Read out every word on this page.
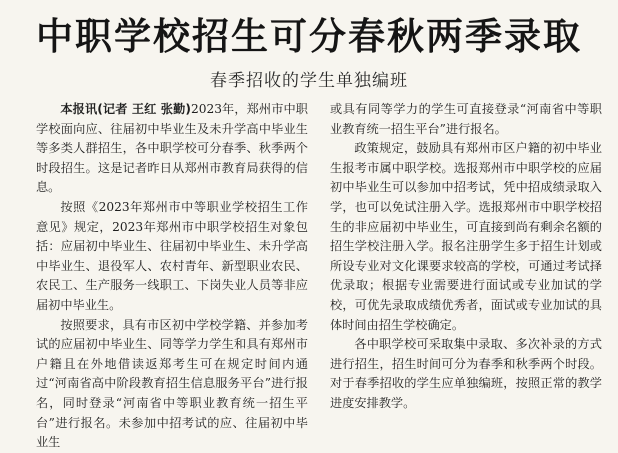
中职学校招生可分春秋两季录取
春季招收的学生单独编班

本报讯(记者 王红 张勤)2023年，郑州市中职学校面向应、往届初中毕业生及未升学高中毕业生等多类人群招生，各中职学校可分春季、秋季两个时段招生。这是记者昨日从郑州市教育局获得的信息。

按照《2023年郑州市中等职业学校招生工作意见》规定，2023年郑州市中职学校招生对象包括：应届初中毕业生、往届初中毕业生、未升学高中毕业生、退役军人、农村青年、新型职业农民、农民工、生产服务一线职工、下岗失业人员等非应届初中毕业生。

按照要求，具有市区初中学校学籍、并参加考试的应届初中毕业生、同等学力学生和具有郑州市户籍且在外地借读返郑考生可在规定时间内通过“河南省高中阶段教育招生信息服务平台”进行报名，同时登录“河南省中等职业教育统一招生平台”进行报名。未参加中招考试的应、往届初中毕业生

或具有同等学力的学生可直接登录“河南省中等职业教育统一招生平台”进行报名。

政策规定，鼓励具有郑州市区户籍的初中毕业生报考市属中职学校。选报郑州市中职学校的应届初中毕业生可以参加中招考试，凭中招成绩录取入学，也可以免试注册入学。选报郑州市中职学校招生的非应届初中毕业生，可直接到尚有剩余名额的招生学校注册入学。报名注册学生多于招生计划或所设专业对文化课要求较高的学校，可通过考试择优录取；根据专业需要进行面试或专业加试的学校，可优先录取成绩优秀者，面试或专业加试的具体时间由招生学校确定。

各中职学校可采取集中录取、多次补录的方式进行招生，招生时间可分为春季和秋季两个时段。对于春季招收的学生应单独编班，按照正常的教学进度安排教学。
